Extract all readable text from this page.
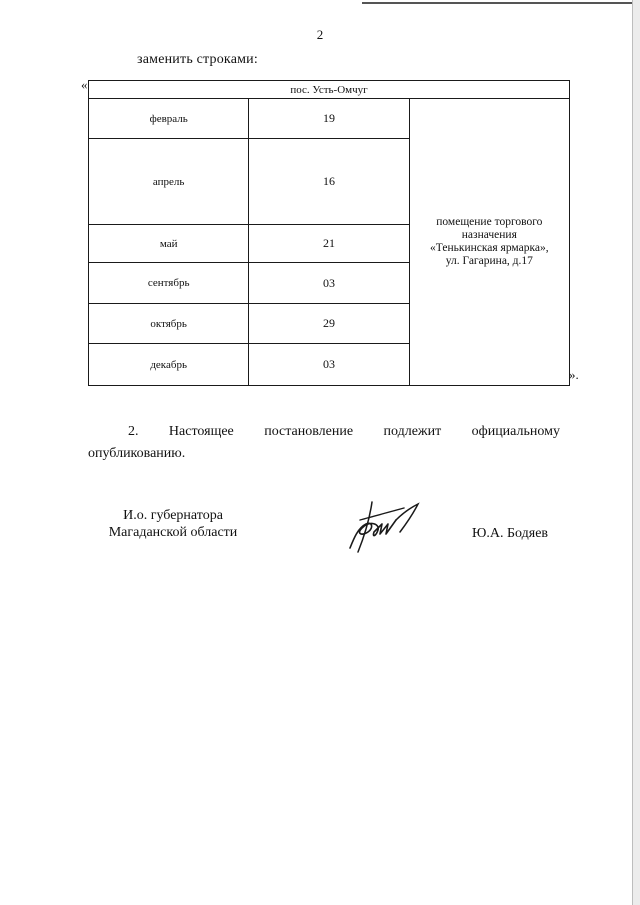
2
заменить строками:
«	пос. Усть-Омчуг		
февраль	19	помещение торгового назначения
«Тенькинская ярмарка»,
ул. Гагарина, д.17

апрель	16	
май	21	
сентябрь	03	
октябрь	29	
декабрь	03	
».
2. Настоящее постановление подлежит официальному
опубликованию.
И.о. губернатора
Магаданской области	Ю.А. Бодяев
